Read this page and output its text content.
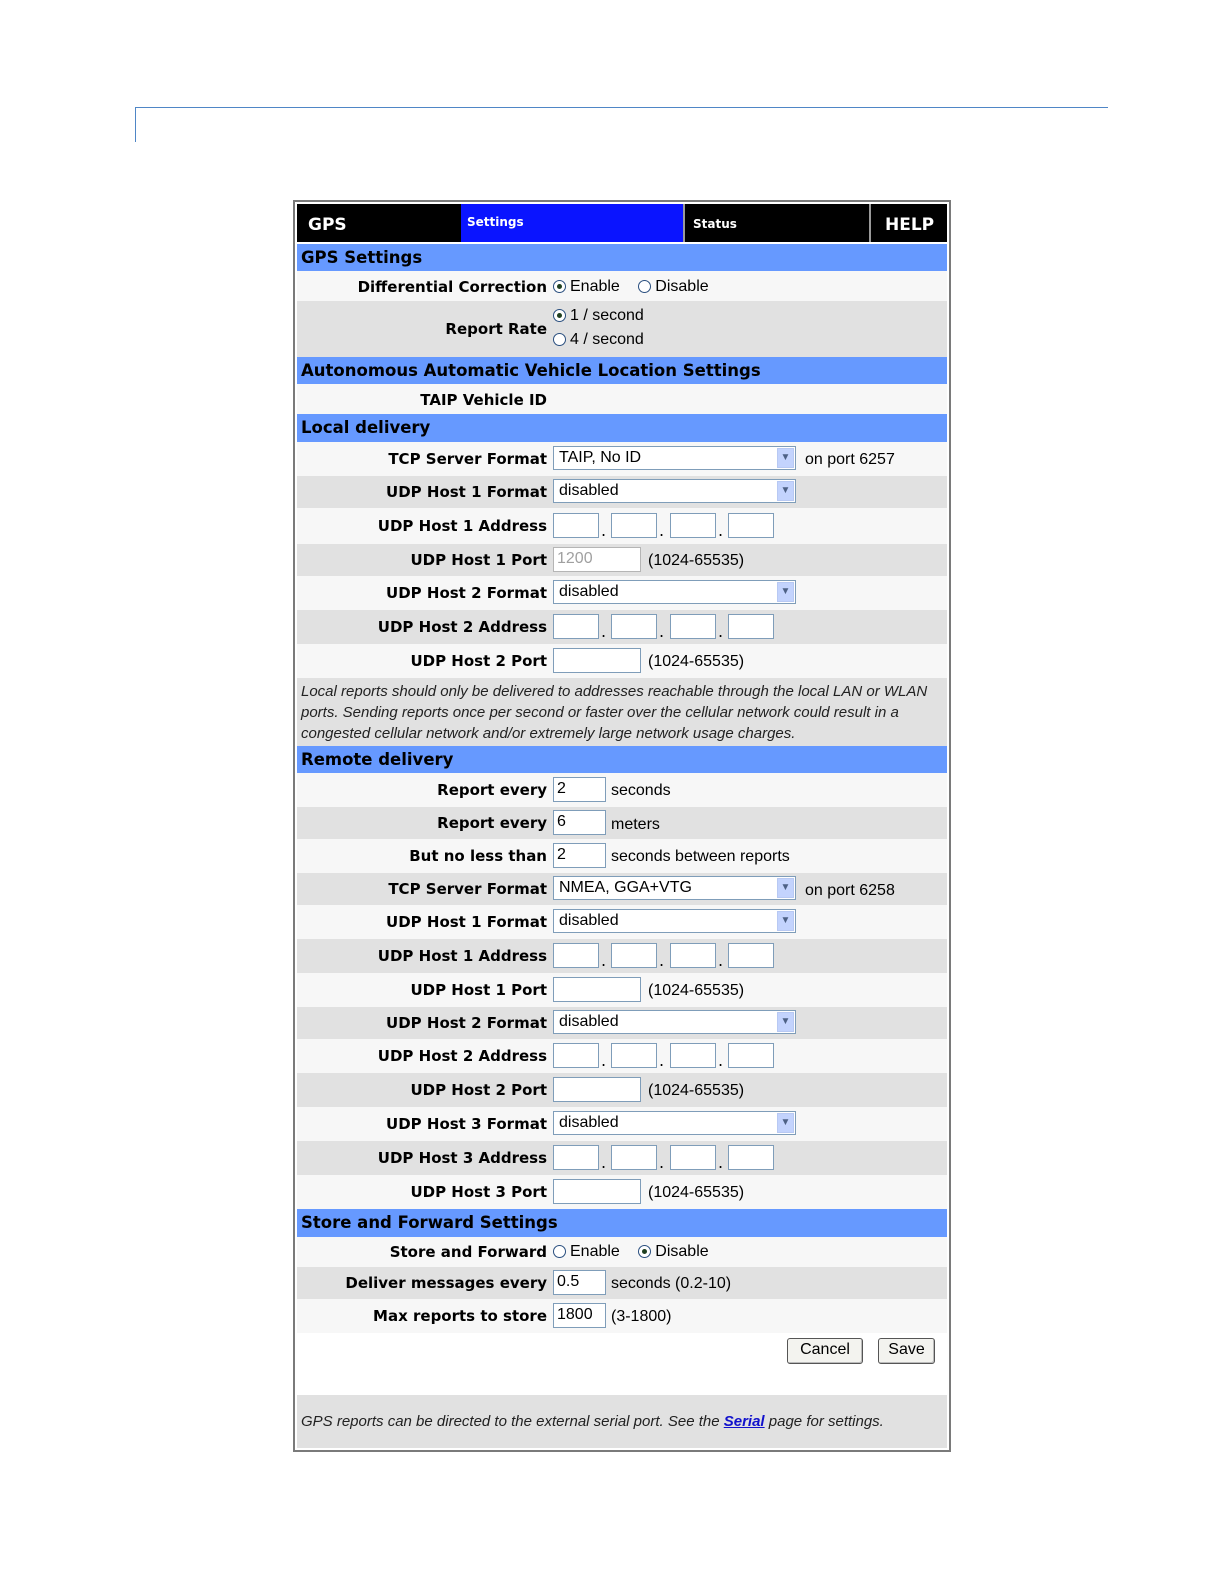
GPS	Settings	Status	HELP
GPS Settings
Differential Correction	Enable Disable
Report Rate
1 / second
4 / second
Autonomous Automatic Vehicle Location Settings
TAIP Vehicle ID
Local delivery
TCP Server Format TAIP, No ID	▼ on port 6257
UDP Host 1 Format disabled	▼
UDP Host 1 Address	.	.	.
UDP Host 1 Port 1200	(1024-65535)
UDP Host 2 Format disabled	▼
UDP Host 2 Address	.	.	.
UDP Host 2 Port	(1024-65535)
Local reports should only be delivered to addresses reachable through the local LAN or WLAN ports. Sending reports once per second or faster over the cellular network could result in a congested cellular network and/or extremely large network usage charges.
Remote delivery
Report every 2	seconds
Report every 6	meters
But no less than 2	seconds between reports
TCP Server Format NMEA, GGA+VTG	▼ on port 6258
UDP Host 1 Format disabled	▼
UDP Host 1 Address	.	.	.
UDP Host 1 Port	(1024-65535)
UDP Host 2 Format disabled	▼
UDP Host 2 Address	.	.	.
UDP Host 2 Port	(1024-65535)
UDP Host 3 Format disabled	▼
UDP Host 3 Address	.	.	.
UDP Host 3 Port	(1024-65535)
Store and Forward Settings
Store and Forward	Enable Disable
Deliver messages every 0.5	seconds (0.2-10)
Max reports to store 1800	(3-1800)
Cancel	Save
GPS reports can be directed to the external serial port. See the Serial page for settings.
